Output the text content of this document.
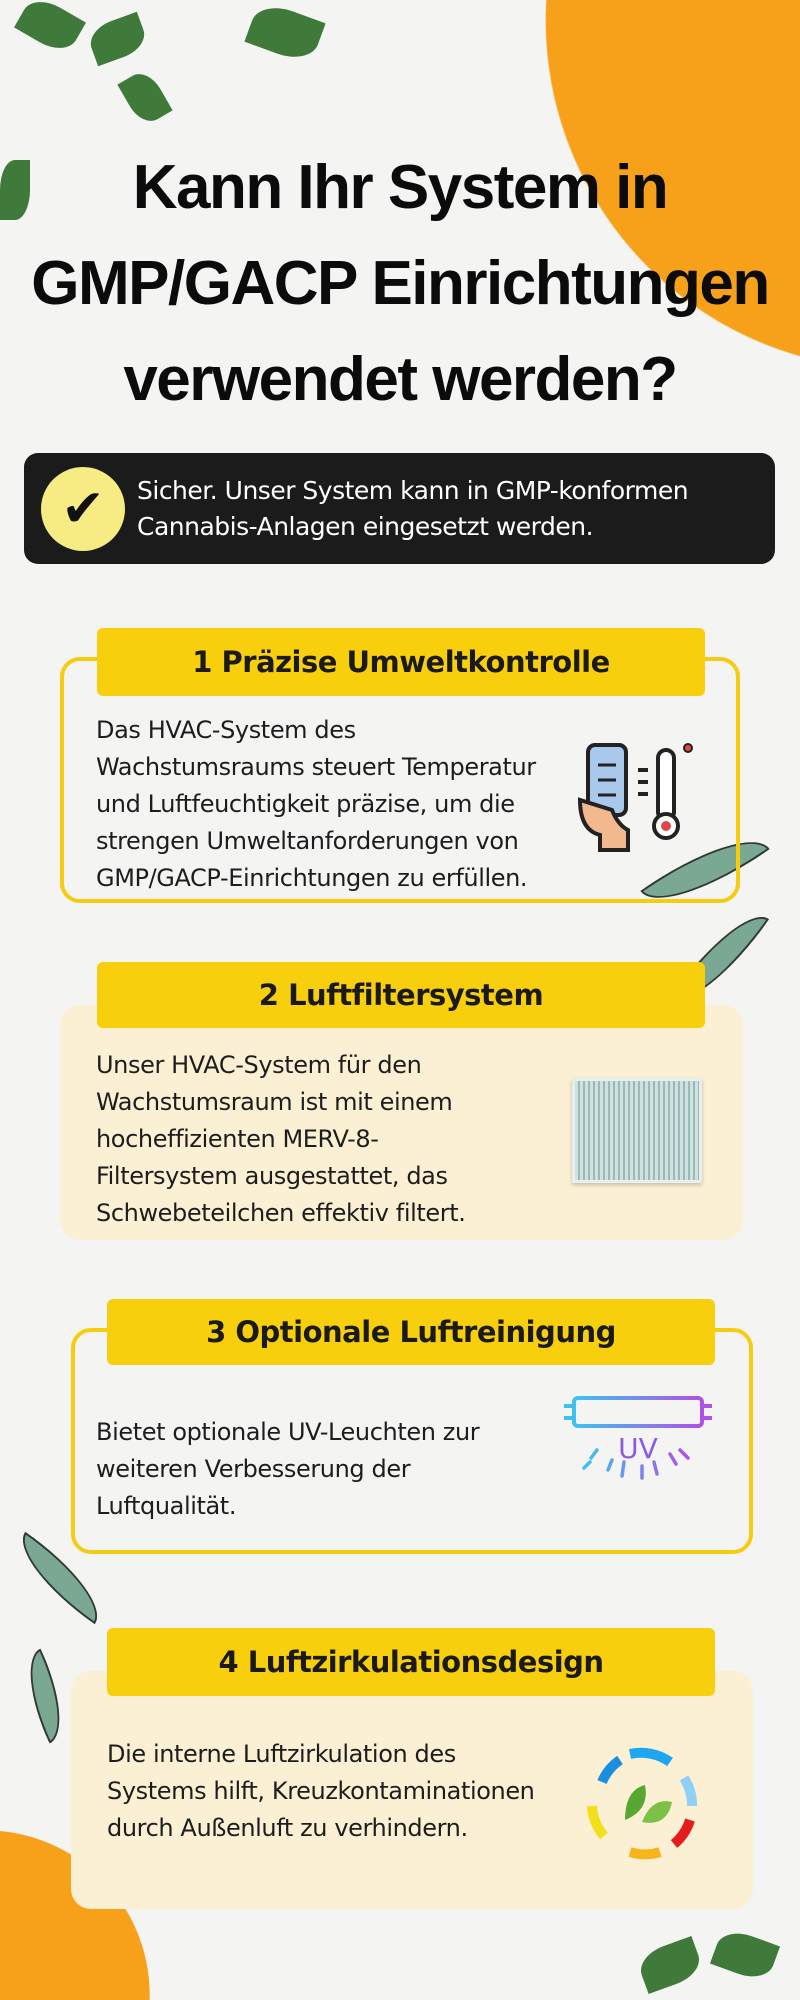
Kann Ihr System in
GMP/GACP Einrichtungen
verwendet werden?
✔	Sicher. Unser System kann in GMP-konformen
Cannabis-Anlagen eingesetzt werden.
1 Präzise Umweltkontrolle
Das HVAC-System des
Wachstumsraums steuert Temperatur
und Luftfeuchtigkeit präzise, um die
strengen Umweltanforderungen von
GMP/GACP-Einrichtungen zu erfüllen.
2 Luftfiltersystem
Unser HVAC-System für den
Wachstumsraum ist mit einem
hocheffizienten MERV-8-
Filtersystem ausgestattet, das
Schwebeteilchen effektiv filtert.
3 Optionale Luftreinigung
Bietet optionale UV-Leuchten zur
weiteren Verbesserung der
Luftqualität.
UV
4 Luftzirkulationsdesign
Die interne Luftzirkulation des
Systems hilft, Kreuzkontaminationen
durch Außenluft zu verhindern.
